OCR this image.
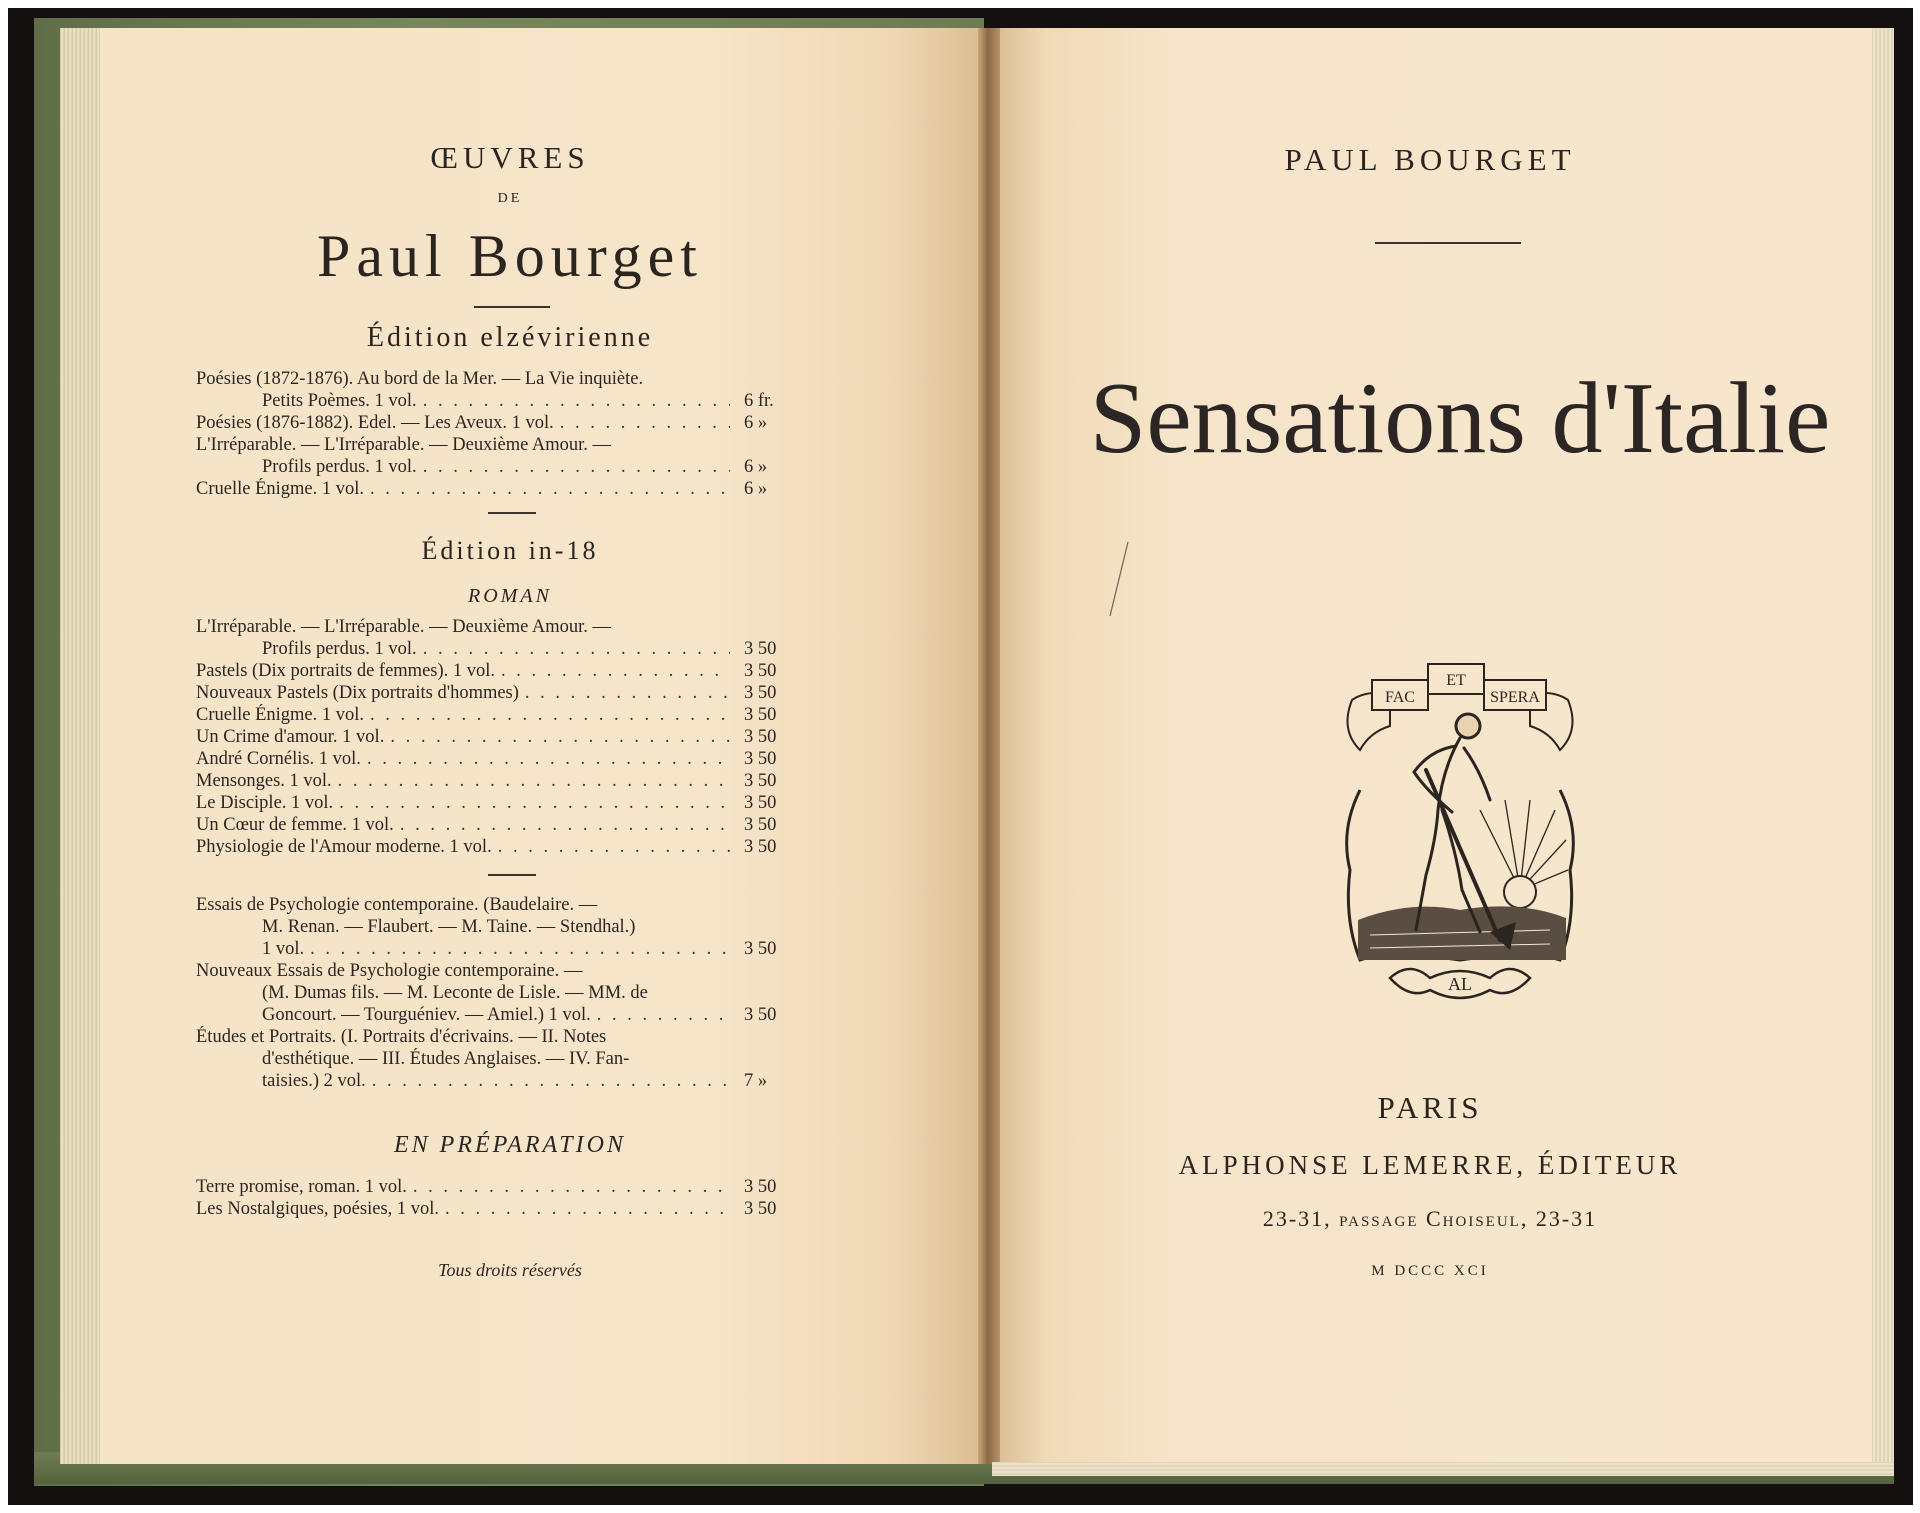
ŒUVRES
DE
Paul Bourget
Édition elzévirienne
Poésies (1872-1876). Au bord de la Mer. — La Vie inquiète.
Petits Poèmes. 1 vol. . . .	6 fr.
Poésies (1876-1882). Edel. — Les Aveux. 1 vol. . . .	6 »
L'Irréparable. — L'Irréparable. — Deuxième Amour. —
Profils perdus. 1 vol. . . .	6 »
Cruelle Énigme. 1 vol. . . .	6 »
Édition in-18
ROMAN
L'Irréparable. — L'Irréparable. — Deuxième Amour. —
Profils perdus. 1 vol. . . .	3 50
Pastels (Dix portraits de femmes). 1 vol. . . .	3 50
Nouveaux Pastels (Dix portraits d'hommes) . . .	3 50
Cruelle Énigme. 1 vol. . . .	3 50
Un Crime d'amour. 1 vol. . . .	3 50
André Cornélis. 1 vol. . . .	3 50
Mensonges. 1 vol. . . .	3 50
Le Disciple. 1 vol. . . .	3 50
Un Cœur de femme. 1 vol. . . .	3 50
Physiologie de l'Amour moderne. 1 vol. . . .	3 50
Essais de Psychologie contemporaine. (Baudelaire. —
M. Renan. — Flaubert. — M. Taine. — Stendhal.)
1 vol. . . .	3 50
Nouveaux Essais de Psychologie contemporaine. —
(M. Dumas fils. — M. Leconte de Lisle. — MM. de
Goncourt. — Tourguéniev. — Amiel.) 1 vol. . . .	3 50
Études et Portraits. (I. Portraits d'écrivains. — II. Notes
d'esthétique. — III. Études Anglaises. — IV. Fan-
taisies.) 2 vol. . . .	7 »
EN PRÉPARATION
Terre promise, roman. 1 vol. . . .	3 50
Les Nostalgiques, poésies, 1 vol. . . .	3 50
Tous droits réservés
PAUL BOURGET
Sensations d'Italie
FAC
ET
SPERA
AL
PARIS
ALPHONSE LEMERRE, ÉDITEUR
23-31, passage Choiseul, 23-31
M DCCC XCI
